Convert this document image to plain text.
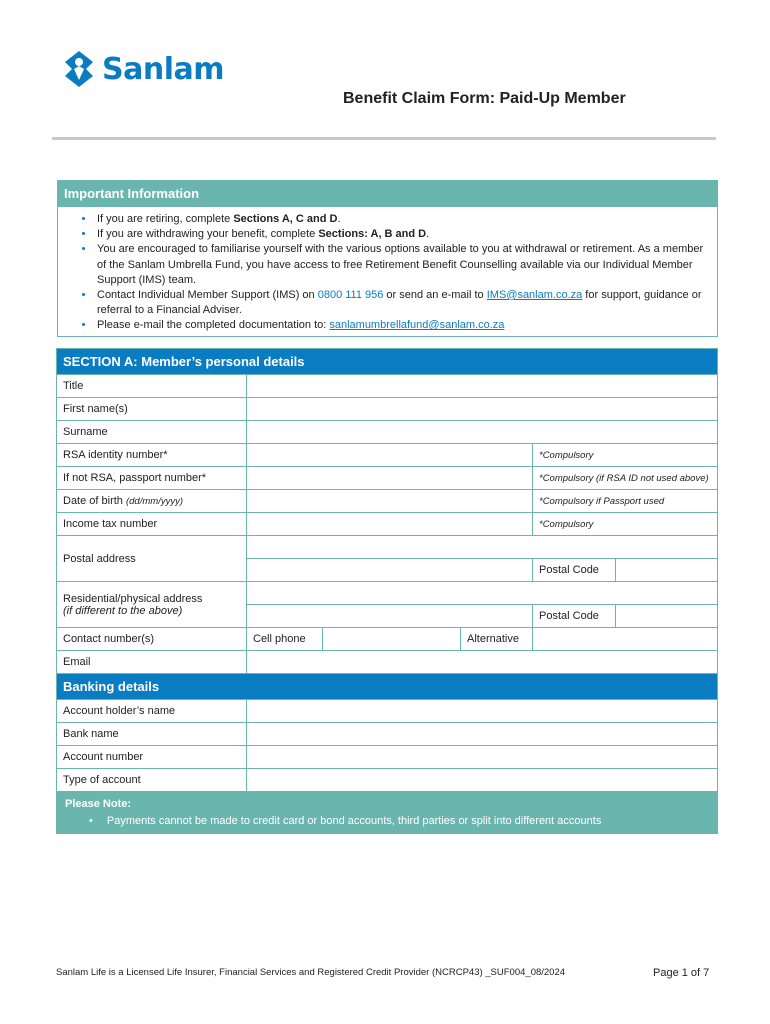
Sanlam
Benefit Claim Form: Paid-Up Member
Important Information
• If you are retiring, complete Sections A, C and D.
• If you are withdrawing your benefit, complete Sections: A, B and D.
• You are encouraged to familiarise yourself with the various options available to you at withdrawal or retirement. As a member of the Sanlam Umbrella Fund, you have access to free Retirement Benefit Counselling available via our Individual Member Support (IMS) team.
• Contact Individual Member Support (IMS) on 0800 111 956 or send an e-mail to IMS@sanlam.co.za for support, guidance or referral to a Financial Adviser.
• Please e-mail the completed documentation to: sanlamumbrellafund@sanlam.co.za
SECTION A: Member’s personal details					
Title					
First name(s)					
Surname					
RSA identity number*				*Compulsory	
If not RSA, passport number*				*Compulsory (if RSA ID not used above)	
Date of birth (dd/mm/yyyy)				*Compulsory if Passport used	
Income tax number				*Compulsory	
Postal address					
				Postal Code	

Residential/physical address
(if different to the above)					
				Postal Code	
Contact number(s)	Cell phone		Alternative		
Email					
Banking details					
Account holder’s name					
Bank name					
Account number					
Type of account					

Please Note:
• Payments cannot be made to credit card or bond accounts, third parties or split into different accounts					
Sanlam Life is a Licensed Life Insurer, Financial Services and Registered Credit Provider (NCRCP43) _SUF004_08/2024	Page 1 of 7
